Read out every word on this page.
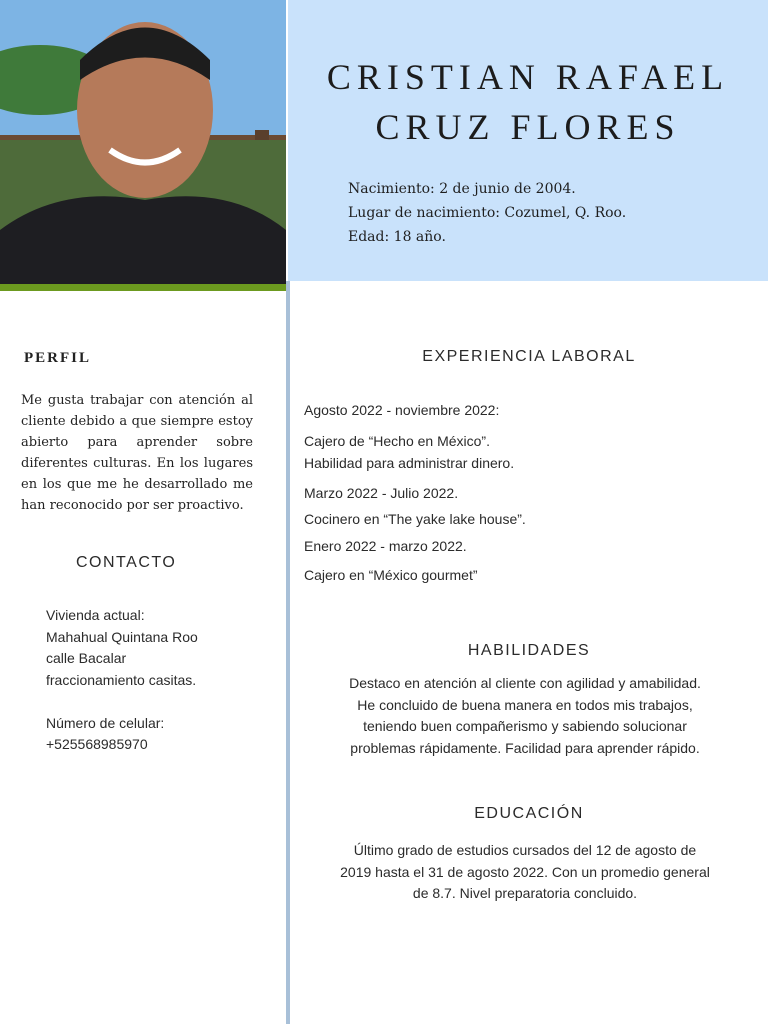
CRISTIAN RAFAEL
CRUZ FLORES
Nacimiento: 2 de junio de 2004.
Lugar de nacimiento: Cozumel, Q. Roo.
Edad: 18 año.
PERFIL
Me gusta trabajar con atención al cliente debido a que siempre estoy abierto para aprender sobre diferentes culturas. En los lugares en los que me he desarrollado me han reconocido por ser proactivo.
CONTACTO

Vivienda actual:

Mahahual Quintana Roo

calle Bacalar

fraccionamiento casitas.

Número de celular:

+525568985970

EXPERIENCIA LABORAL
Agosto 2022 - noviembre 2022:

Cajero de “Hecho en México”.

Habilidad para administrar dinero.

Marzo 2022 - Julio 2022.
Cocinero en “The yake lake house”.
Enero 2022 - marzo 2022.
Cajero en “México gourmet”
HABILIDADES
Destaco en atención al cliente con agilidad y amabilidad. He concluido de buena manera en todos mis trabajos, teniendo buen compañerismo y sabiendo solucionar problemas rápidamente. Facilidad para aprender rápido.
EDUCACIÓN
Último grado de estudios cursados del 12 de agosto de 2019 hasta el 31 de agosto 2022. Con un promedio general de 8.7. Nivel preparatoria concluido.
